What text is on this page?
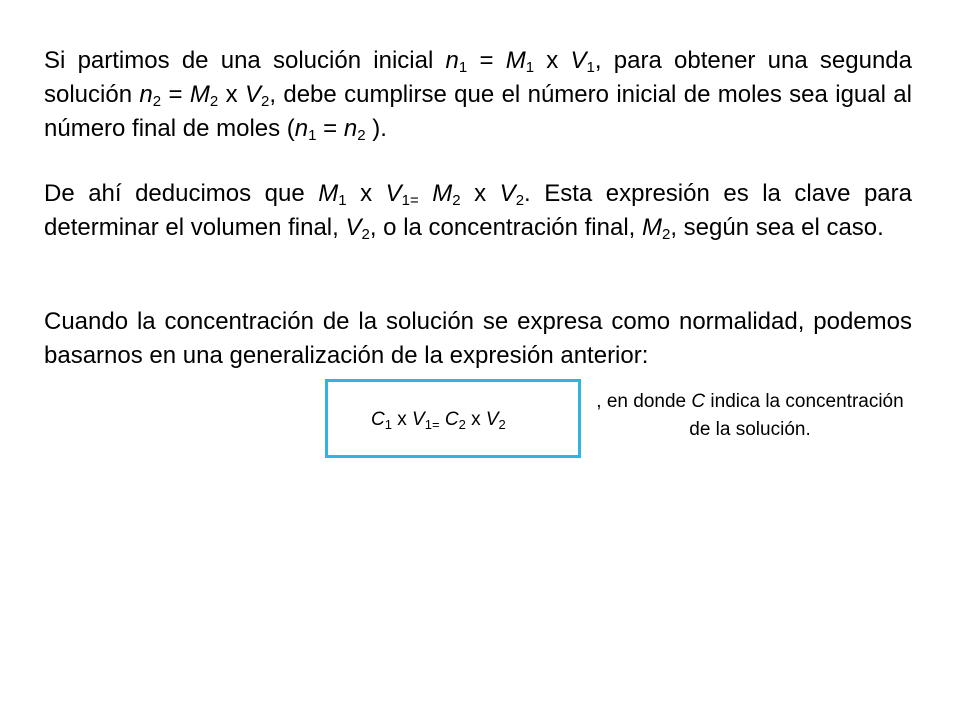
Si partimos de una solución inicial $n_1 = M_1$ x $V_1$, para obtener una segunda solución $n_2 = M_2$ x $V_2$, debe cumplirse que el número inicial de moles sea igual al número final de moles ($n_1 = n_2$ ).

De ahí deducimos que $M_1$ x $V_{1=}$ $M_2$ x $V_2$. Esta expresión es la clave para determinar el volumen final, $V_2$, o la concentración final, $M_2$, según sea el caso.

Cuando la concentración de la solución se expresa como normalidad, podemos basarnos en una generalización de la expresión anterior:

$C_1$ x $V_{1=}$ $C_2$ x $V_2$
, en donde C indica la concentración de la solución.
